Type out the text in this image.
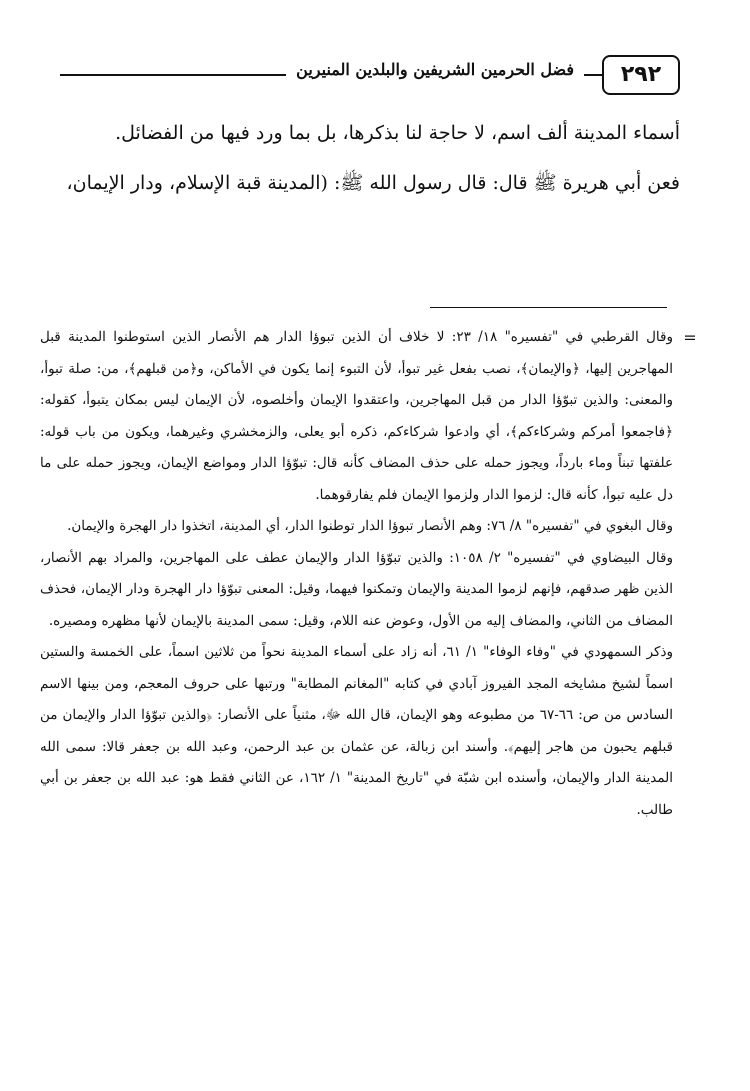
فضل الحرمين الشريفين والبلدين المنيرين	٢٩٢

أسماء المدينة ألف اسم، لا حاجة لنا بذكرها، بل بما ورد فيها من الفضائل.

فعن أبي هريرة ﷺ قال: قال رسول الله ﷺ: (المدينة قبة الإسلام، ودار الإيمان،

=

وقال القرطبي في "تفسيره" ١٨/ ٢٣: لا خلاف أن الذين تبوؤا الدار هم الأنصار الذين استوطنوا المدينة قبل المهاجرين إليها، ﴿والإيمان﴾، نصب بفعل غير تبوأ، لأن التبوء إنما يكون في الأماكن، و﴿من قبلهم﴾، من: صلة تبوأ، والمعنى: والذين تبوّؤا الدار من قبل المهاجرين، واعتقدوا الإيمان وأخلصوه، لأن الإيمان ليس بمكان يتبوأ، كقوله: ﴿فاجمعوا أمركم وشركاءكم﴾، أي وادعوا شركاءكم، ذكره أبو يعلى، والزمخشري وغيرهما، ويكون من باب قوله: علفتها تبناً وماء بارداً، ويجوز حمله على حذف المضاف كأنه قال: تبوّؤا الدار ومواضع الإيمان، ويجوز حمله على ما دل عليه تبوأ، كأنه قال: لزموا الدار ولزموا الإيمان فلم يفارقوهما.

وقال البغوي في "تفسيره" ٨/ ٧٦: وهم الأنصار تبوؤا الدار توطنوا الدار، أي المدينة، اتخذوا دار الهجرة والإيمان.

وقال البيضاوي في "تفسيره" ٢/ ١٠٥٨: والذين تبوّؤا الدار والإيمان عطف على المهاجرين، والمراد بهم الأنصار، الذين ظهر صدقهم، فإنهم لزموا المدينة والإيمان وتمكنوا فيهما، وقيل: المعنى تبوّؤا دار الهجرة ودار الإيمان، فحذف المضاف من الثاني، والمضاف إليه من الأول، وعوض عنه اللام، وقيل: سمى المدينة بالإيمان لأنها مظهره ومصيره.

وذكر السمهودي في "وفاء الوفاء" ١/ ٦١، أنه زاد على أسماء المدينة نحواً من ثلاثين اسماً، على الخمسة والستين اسماً لشيخ مشايخه المجد الفيروز آبادي في كتابه "المغانم المطابة" ورتبها على حروف المعجم، ومن بينها الاسم السادس من ص: ٦٦-٦٧ من مطبوعه وهو الإيمان، قال الله ﷻ، مثنياً على الأنصار: ﴿والذين تبوّؤا الدار والإيمان من قبلهم يحبون من هاجر إليهم﴾. وأسند ابن زبالة، عن عثمان بن عبد الرحمن، وعبد الله بن جعفر قالا: سمى الله المدينة الدار والإيمان، وأسنده ابن شبّة في "تاريخ المدينة" ١/ ١٦٢، عن الثاني فقط هو: عبد الله بن جعفر بن أبي طالب.
